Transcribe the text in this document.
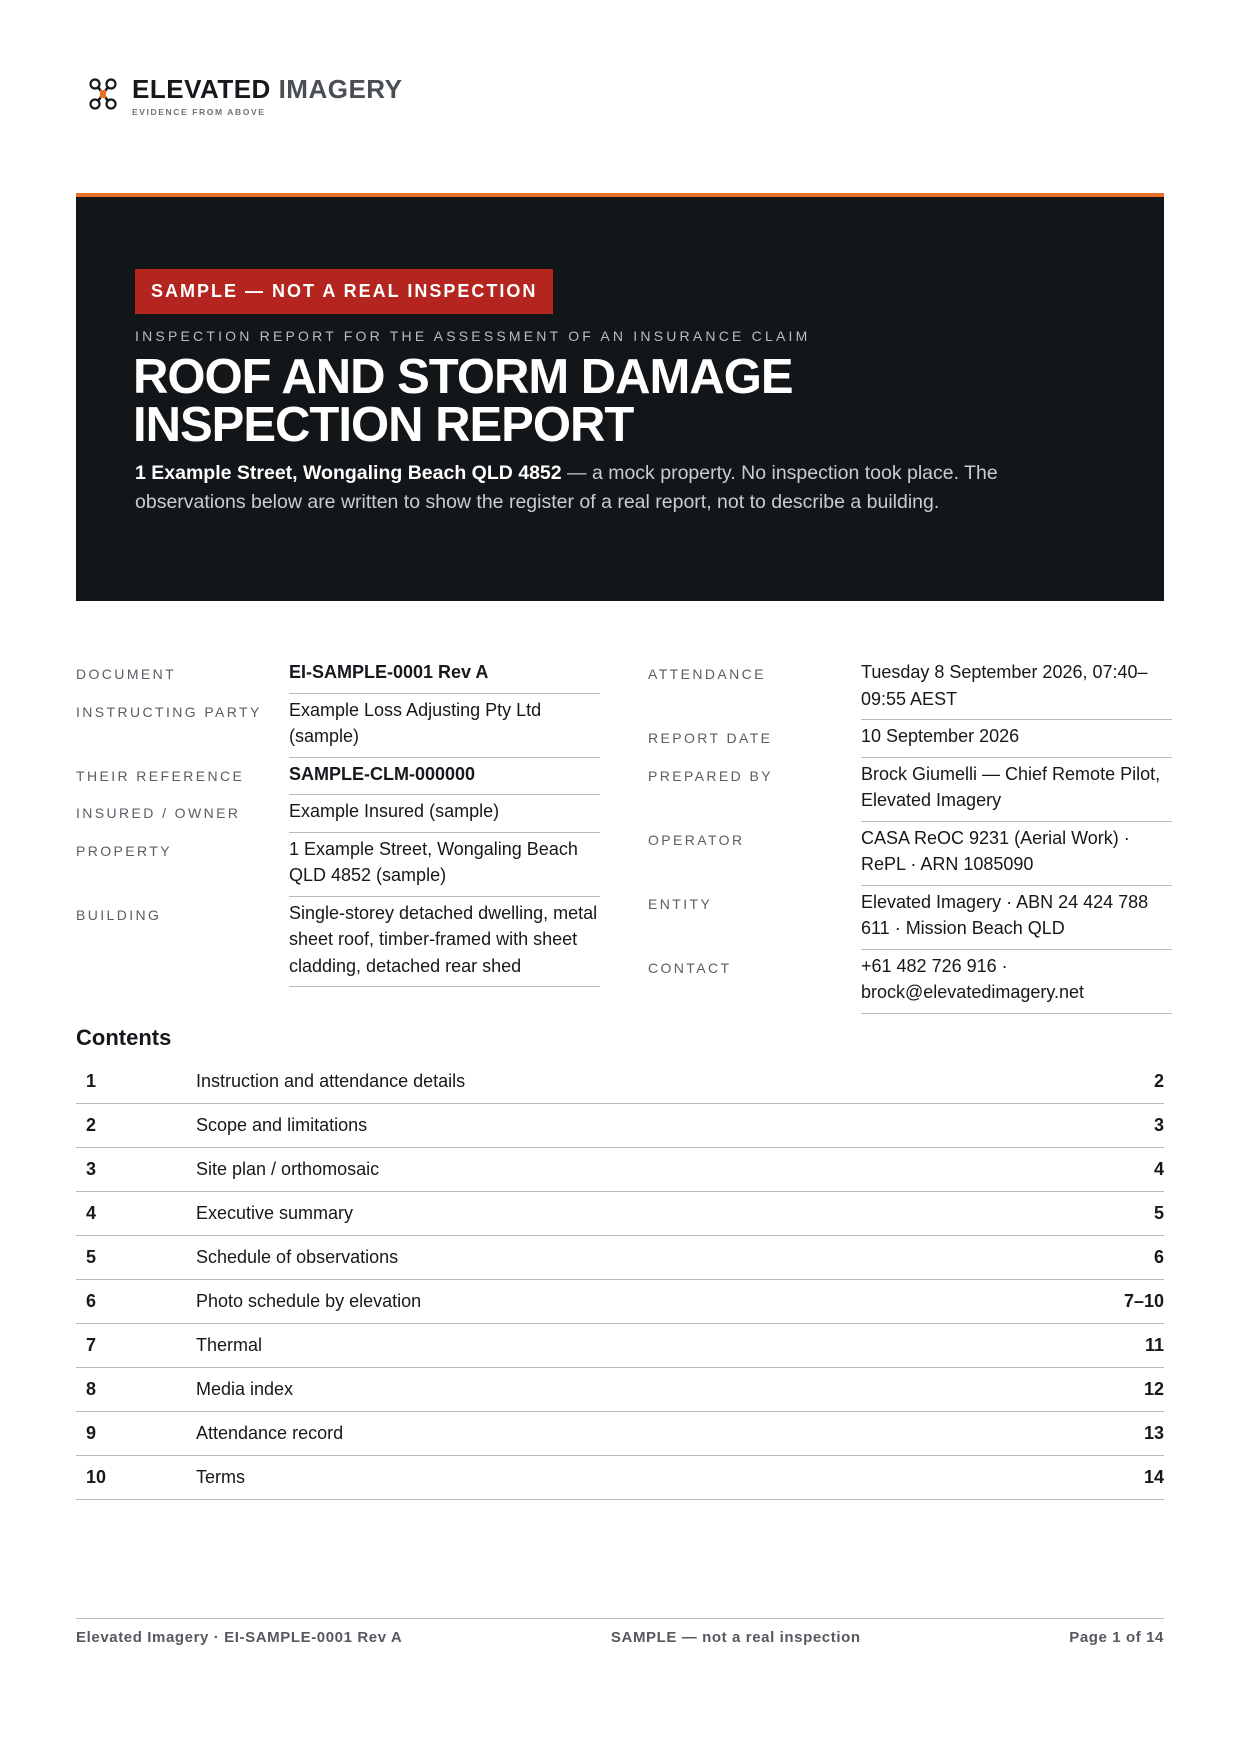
ELEVATED IMAGERY
EVIDENCE FROM ABOVE
SAMPLE — NOT A REAL INSPECTION
INSPECTION REPORT FOR THE ASSESSMENT OF AN INSURANCE CLAIM
ROOF AND STORM DAMAGE
INSPECTION REPORT

1 Example Street, Wongaling Beach QLD 4852 — a mock property. No inspection took place. The observations below are written to show the register of a real report, not to describe a building.

DOCUMENT	EI-SAMPLE-0001 Rev A
INSTRUCTING PARTY	Example Loss Adjusting Pty Ltd (sample)
THEIR REFERENCE	SAMPLE-CLM-000000
INSURED / OWNER	Example Insured (sample)
PROPERTY	1 Example Street, Wongaling Beach QLD 4852 (sample)
BUILDING	Single-storey detached dwelling, metal sheet roof, timber-framed with sheet cladding, detached rear shed
ATTENDANCE	Tuesday 8 September 2026, 07:40–09:55 AEST
REPORT DATE	10 September 2026
PREPARED BY	Brock Giumelli — Chief Remote Pilot, Elevated Imagery
OPERATOR	CASA ReOC 9231 (Aerial Work) · RePL · ARN 1085090
ENTITY	Elevated Imagery · ABN 24 424 788 611 · Mission Beach QLD
CONTACT	+61 482 726 916 · brock@elevatedimagery.net
Contents
1	Instruction and attendance details	2
2	Scope and limitations	3
3	Site plan / orthomosaic	4
4	Executive summary	5
5	Schedule of observations	6
6	Photo schedule by elevation	7–10
7	Thermal	11
8	Media index	12
9	Attendance record	13
10	Terms	14
Elevated Imagery · EI-SAMPLE-0001 Rev A	SAMPLE — not a real inspection	Page 1 of 14
